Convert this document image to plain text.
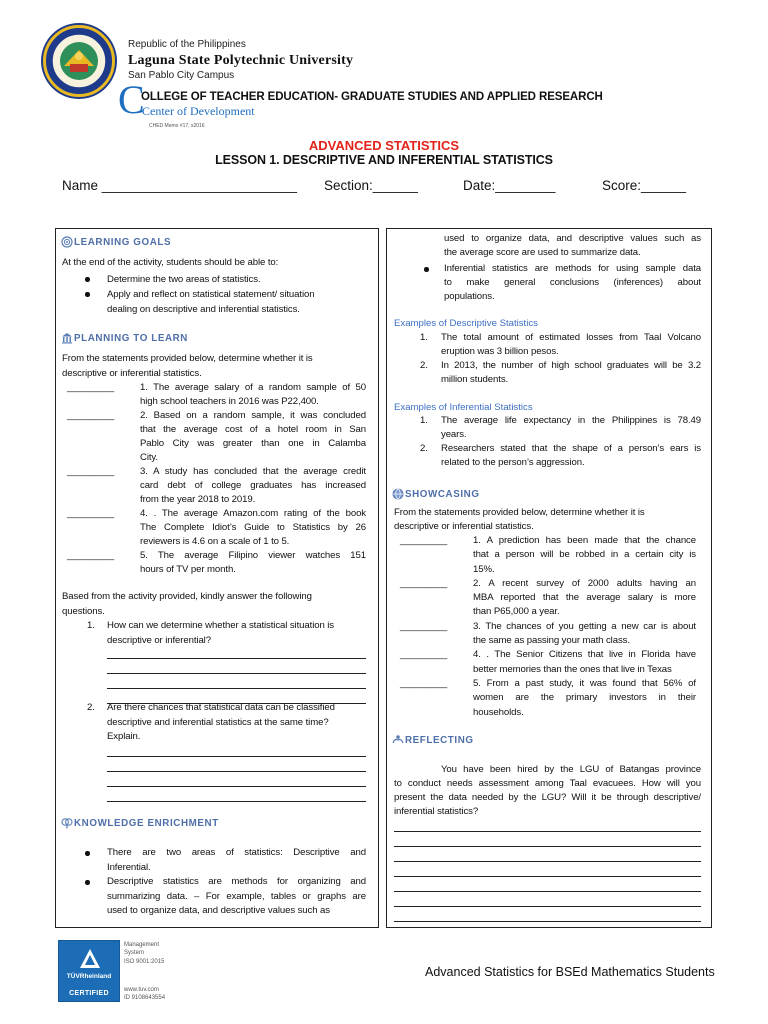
Republic of the Philippines
Laguna State Polytechnic University
San Pablo City Campus
C
OLLEGE OF TEACHER EDUCATION- GRADUATE STUDIES AND APPLIED RESEARCH
Center of Development
CHED Memo #17, s2016
ADVANCED STATISTICS
LESSON 1. DESCRIPTIVE AND INFERENTIAL STATISTICS
Name __________________________ Section:______	Date:________	Score:______
LEARNING GOALS
At the end of the activity, students should be able to:
Determine the two areas of statistics.
Apply and reflect on statistical statement/ situation
dealing on descriptive and inferential statistics.
PLANNING TO LEARN
From the statements provided below, determine whether it is
descriptive or inferential statistics.
_________	1. The average salary of a random sample of 50
high school teachers in 2016 was P22,400.
_________	2. Based on a random sample, it was concluded
that the average cost of a hotel room in San
Pablo City was greater than one in Calamba
City.
_________	3. A study has concluded that the average credit
card debt of college graduates has increased
from the year 2018 to 2019.
_________	4. . The average Amazon.com rating of the book
The Complete Idiot’s Guide to Statistics by 26
reviewers is 4.6 on a scale of 1 to 5.
_________	5. The average Filipino viewer watches 151
hours of TV per month.
Based from the activity provided, kindly answer the following
questions.
1. How can we determine whether a statistical situation is
descriptive or inferential?
2. Are there chances that statistical data can be classified
descriptive and inferential statistics at the same time?
Explain.
KNOWLEDGE ENRICHMENT
There are two areas of statistics: Descriptive and
Inferential.
Descriptive statistics are methods for organizing and
summarizing data. – For example, tables or graphs are
used to organize data, and descriptive values such as
used to organize data, and descriptive values such as
the average score are used to summarize data.
Inferential statistics are methods for using sample data
to make general conclusions (inferences) about
populations.
Examples of Descriptive Statistics
1. The total amount of estimated losses from Taal Volcano
eruption was 3 billion pesos.
2. In 2013, the number of high school graduates will be 3.2
million students.
Examples of Inferential Statistics
1. The average life expectancy in the Philippines is 78.49
years.
2. Researchers stated that the shape of a person’s ears is
related to the person’s aggression.
SHOWCASING
From the statements provided below, determine whether it is
descriptive or inferential statistics.
_________	1. A prediction has been made that the chance
that a person will be robbed in a certain city is
15%.
_________	2. A recent survey of 2000 adults having an
MBA reported that the average salary is more
than P65,000 a year.
_________	3. The chances of you getting a new car is about
the same as passing your math class.
_________	4. . The Senior Citizens that live in Florida have
better memories than the ones that live in Texas
_________	5. From a past study, it was found that 56% of
women are the primary investors in their
households.
REFLECTING
You have been hired by the LGU of Batangas province
to conduct needs assessment among Taal evacuees. How will you
present the data needed by the LGU? Will it be through descriptive/
inferential statistics?
TÜVRheinland
CERTIFIED
Management
System
ISO 9001:2015
www.tuv.com
ID 9108643554
Advanced Statistics for BSEd Mathematics Students
